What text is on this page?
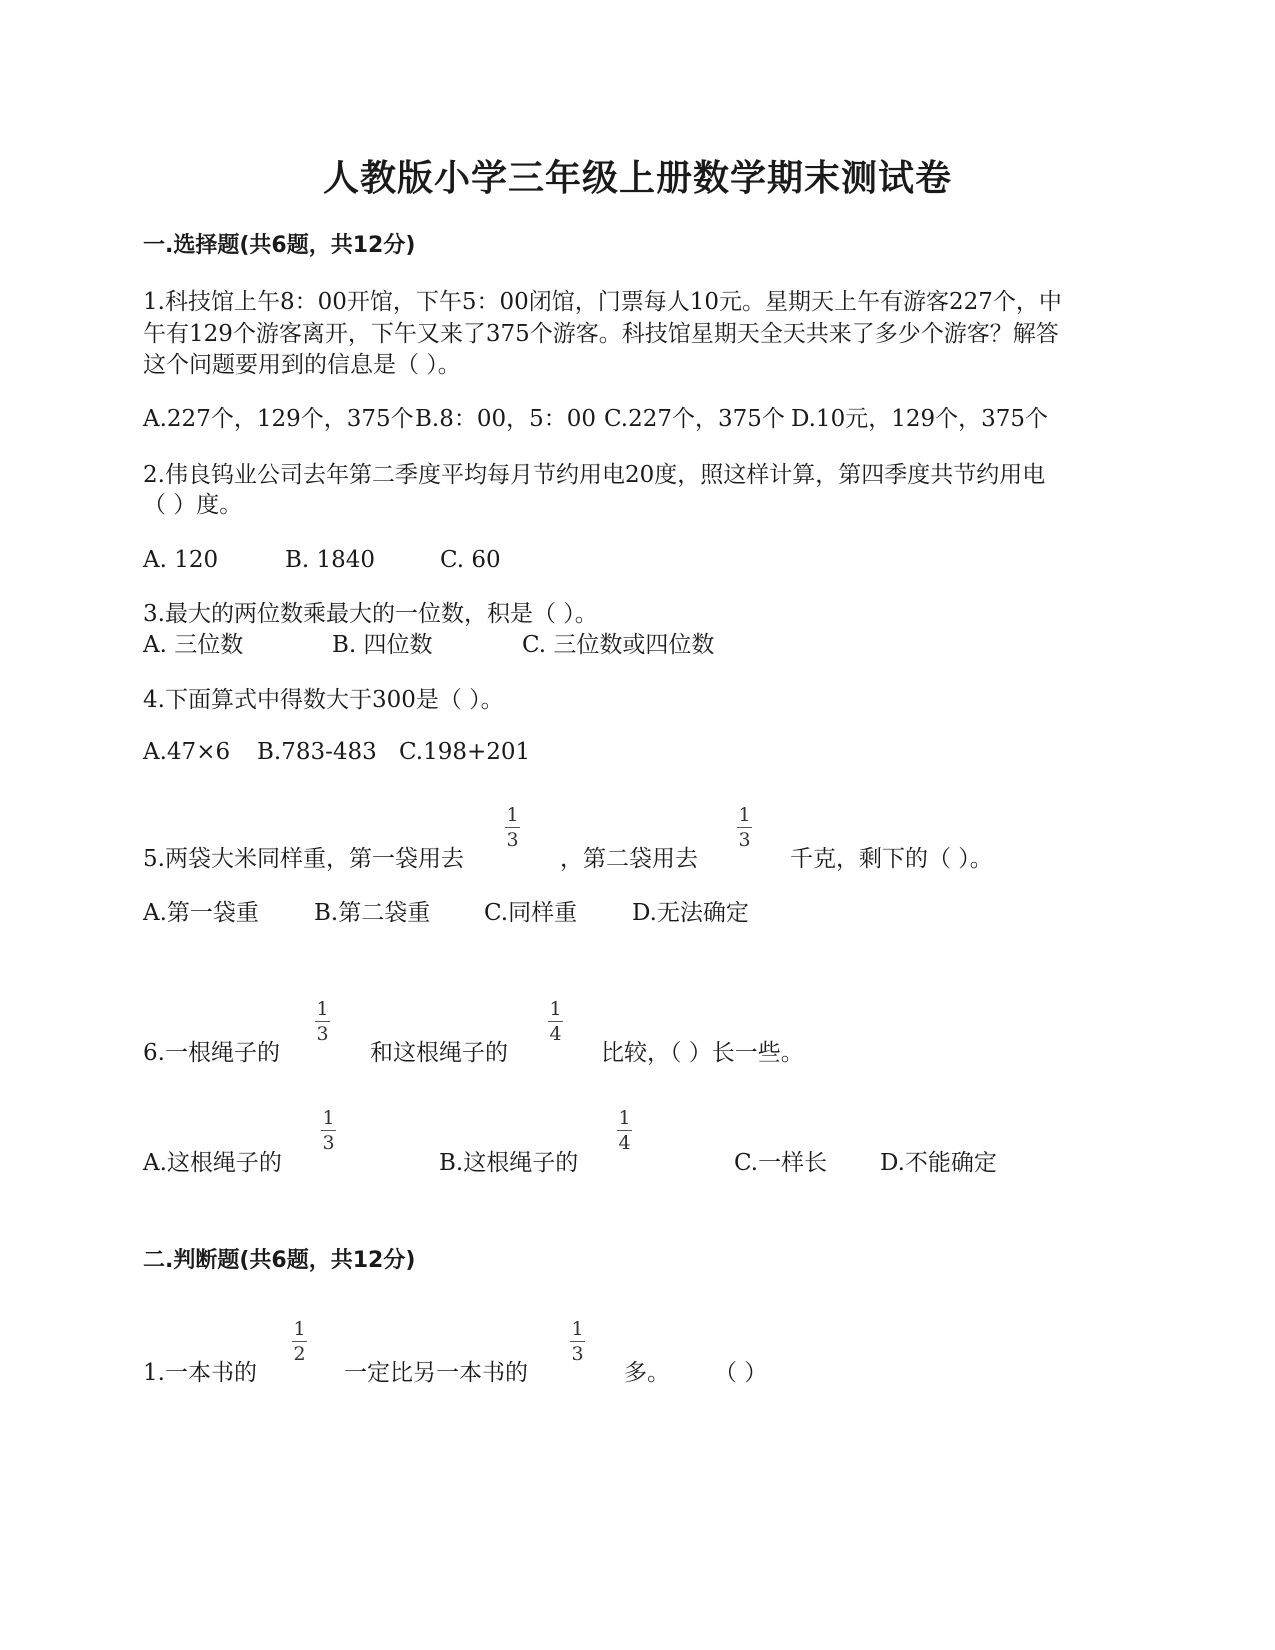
人教版小学三年级上册数学期末测试卷
一.选择题(共6题，共12分)
1.科技馆上午8：00开馆，下午5：00闭馆，门票每人10元。星期天上午有游客227个，中
午有129个游客离开，下午又来了375个游客。科技馆星期天全天共来了多少个游客？解答
这个问题要用到的信息是（ ）。
A.227个，129个，375个 B.8：00，5：00 C.227个，375个 D.10元，129个，375个
2.伟良钨业公司去年第二季度平均每月节约用电20度，照这样计算，第四季度共节约用电
（ ）度。
A. 120	B. 1840	C. 60
3.最大的两位数乘最大的一位数，积是（ ）。
A. 三位数	B. 四位数	C. 三位数或四位数
4.下面算式中得数大于300是（ ）。
A.47×6 B.783-483 C.198+201
5.两袋大米同样重，第一袋用去
1
3
，第二袋用去
1
3
千克，剩下的（ ）。
A.第一袋重 B.第二袋重 C.同样重 D.无法确定
6.一根绳子的
1
3
和这根绳子的
1
4
比较，（ ）长一些。
A.这根绳子的
1
3
B.这根绳子的
1
4
C.一样长 D.不能确定
二.判断题(共6题，共12分)
1.一本书的
1
2
一定比另一本书的
1
3
多。 （ ）
